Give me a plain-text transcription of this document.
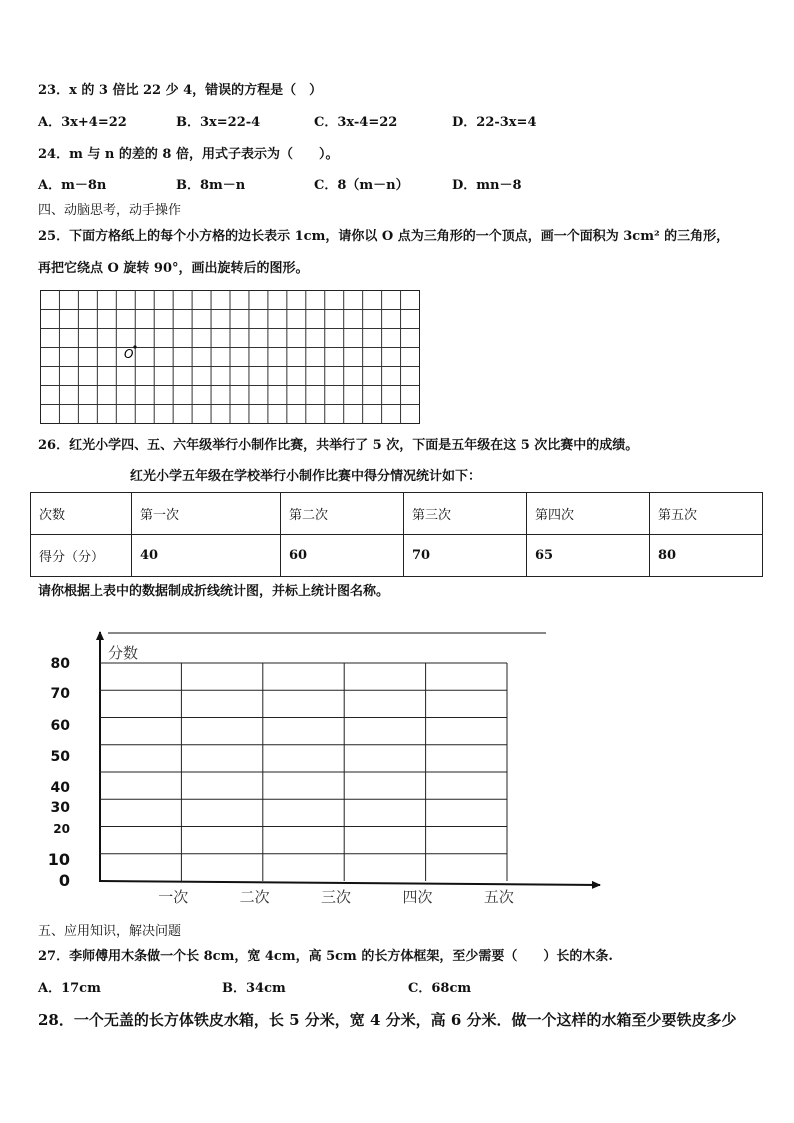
23．x 的 3 倍比 22 少 4，错误的方程是（　）
A．3x+4=22	B．3x=22-4	C．3x-4=22	D．22-3x=4
24．m 与 n 的差的 8 倍，用式子表示为（　　）。
A．m－8n	B．8m－n	C．8（m－n）	D．mn－8
四、动脑思考，动手操作
25．下面方格纸上的每个小方格的边长表示 1cm，请你以 O 点为三角形的一个顶点，画一个面积为 3cm² 的三角形，
再把它绕点 O 旋转 90°，画出旋转后的图形。
O
26．红光小学四、五、六年级举行小制作比赛，共举行了 5 次，下面是五年级在这 5 次比赛中的成绩。
红光小学五年级在学校举行小制作比赛中得分情况统计如下：
次数	第一次	第二次	第三次	第四次	第五次
得分（分）	40	60	70	65	80
请你根据上表中的数据制成折线统计图，并标上统计图名称。
分数
80
70
60
50
40
30
20
10
0
一次	二次	三次	四次	五次
五、应用知识，解决问题
27．李师傅用木条做一个长 8cm，宽 4cm，高 5cm 的长方体框架，至少需要（　　）长的木条.
A．17cm	B．34cm	C．68cm
28．一个无盖的长方体铁皮水箱，长 5 分米，宽 4 分米，高 6 分米．做一个这样的水箱至少要铁皮多少
